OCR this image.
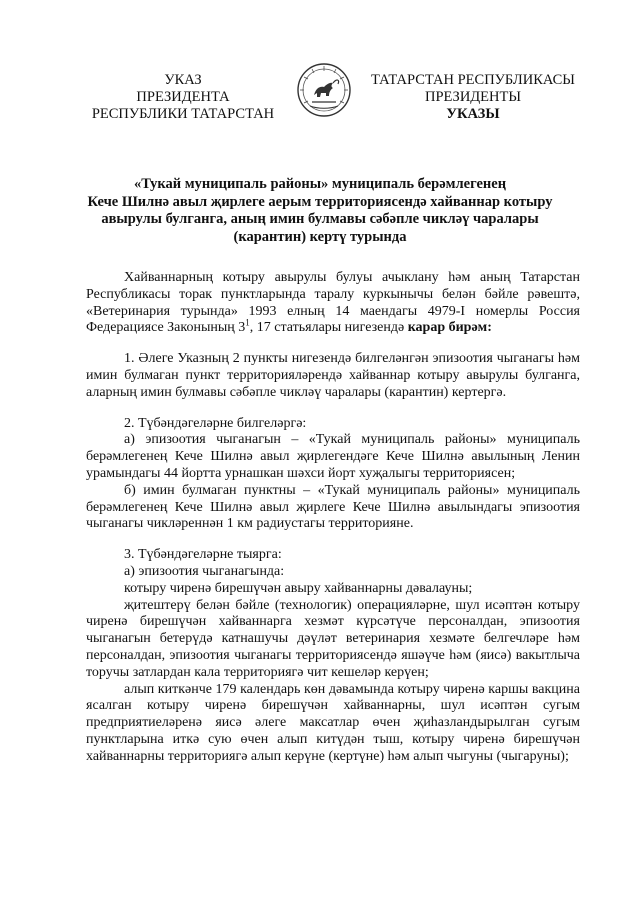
УКАЗ
ПРЕЗИДЕНТА
РЕСПУБЛИКИ ТАТАРСТАН
ТАТАРСТАН РЕСПУБЛИКАСЫ
ПРЕЗИДЕНТЫ
УКАЗЫ
«Тукай муниципаль районы» муниципаль берәмлегенең
Кече Шилнә авыл җирлеге аерым территориясендә хайваннар котыру
авырулы булганга, аның имин булмавы сәбәпле чикләү чаралары
(карантин) кертү турында

Хайваннарның котыру авырулы булуы ачыклану һәм аның Татарстан Республикасы торак пунктларында таралу куркынычы белән бәйле рәвештә, «Ветеринария турында» 1993 елның 14 маендагы 4979-I номерлы Россия Федерациясе Законының $3^1$, 17 статьялары нигезендә карар бирәм:

1. Әлеге Указның 2 пункты нигезендә билгеләнгән эпизоотия чыганагы һәм имин булмаган пункт территорияләрендә хайваннар котыру авырулы булганга, аларның имин булмавы сәбәпле чикләү чаралары (карантин) кертергә.

2. Түбәндәгеләрне билгеләргә:

а) эпизоотия чыганагын – «Тукай муниципаль районы» муниципаль берәмлегенең Кече Шилнә авыл җирлегендәге Кече Шилнә авылының Ленин урамындагы 44 йортта урнашкан шәхси йорт хуҗалыгы территориясен;

б) имин булмаган пунктны – «Тукай муниципаль районы» муниципаль берәмлегенең Кече Шилнә авыл җирлеге Кече Шилнә авылындагы эпизоотия чыганагы чикләреннән 1 км радиустагы территорияне.

3. Түбәндәгеләрне тыярга:

а) эпизоотия чыганагында:

котыру чиренә бирешүчән авыру хайваннарны дәвалауны;

җитештерү белән бәйле (технологик) операцияләрне, шул исәптән котыру чиренә бирешүчән хайваннарга хезмәт күрсәтүче персоналдан, эпизоотия чыганагын бетерүдә катнашучы дәүләт ветеринария хезмәте белгечләре һәм персоналдан, эпизоотия чыганагы территориясендә яшәүче һәм (яисә) вакытлыча торучы затлардан кала территориягә чит кешеләр керүен;

алып киткәнче 179 календарь көн дәвамында котыру чиренә каршы вакцина ясалган котыру чиренә бирешүчән хайваннарны, шул исәптән сугым предприятиеләренә яисә әлеге максатлар өчен җиһазландырылган сугым пунктларына иткә сую өчен алып китүдән тыш, котыру чиренә бирешүчән хайваннарны территориягә алып керүне (кертүне) һәм алып чыгуны (чыгаруны);
